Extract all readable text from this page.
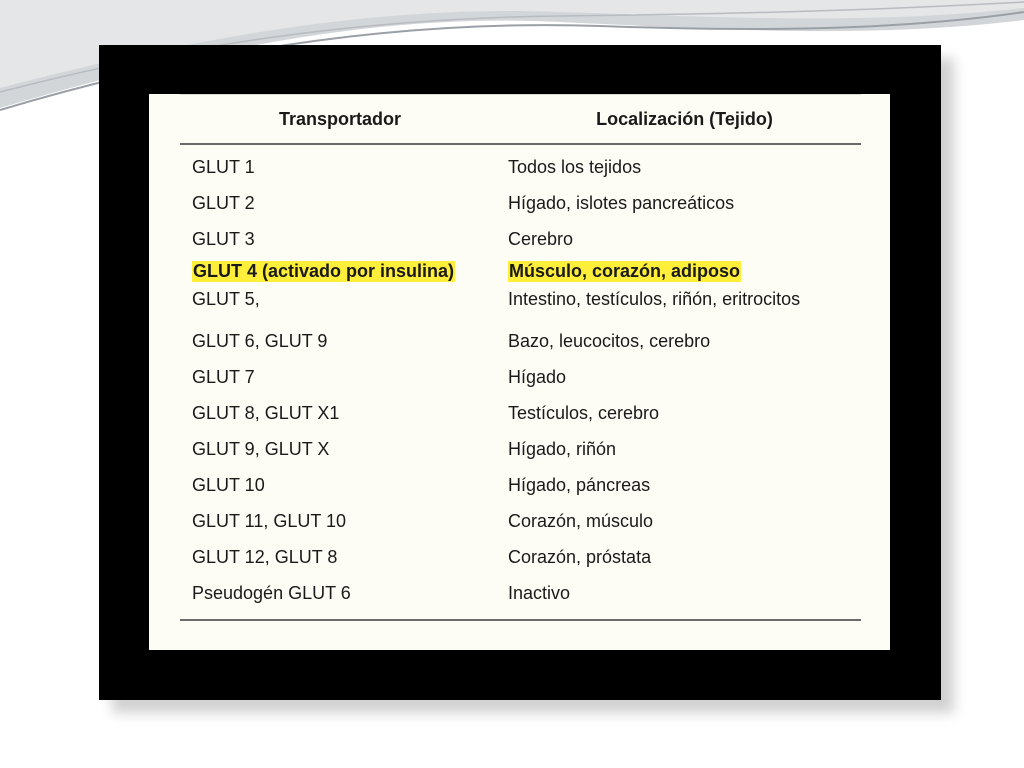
Transportador	Localización (Tejido)
GLUT 1	Todos los tejidos
GLUT 2	Hígado, islotes pancreáticos
GLUT 3	Cerebro
GLUT 4 (activado por insulina)	Músculo, corazón, adiposo
GLUT 5,	Intestino, testículos, riñón, eritrocitos
GLUT 6, GLUT 9	Bazo, leucocitos, cerebro
GLUT 7	Hígado
GLUT 8, GLUT X1	Testículos, cerebro
GLUT 9, GLUT X	Hígado, riñón
GLUT 10	Hígado, páncreas
GLUT 11, GLUT 10	Corazón, músculo
GLUT 12, GLUT 8	Corazón, próstata
Pseudogén GLUT 6	Inactivo
